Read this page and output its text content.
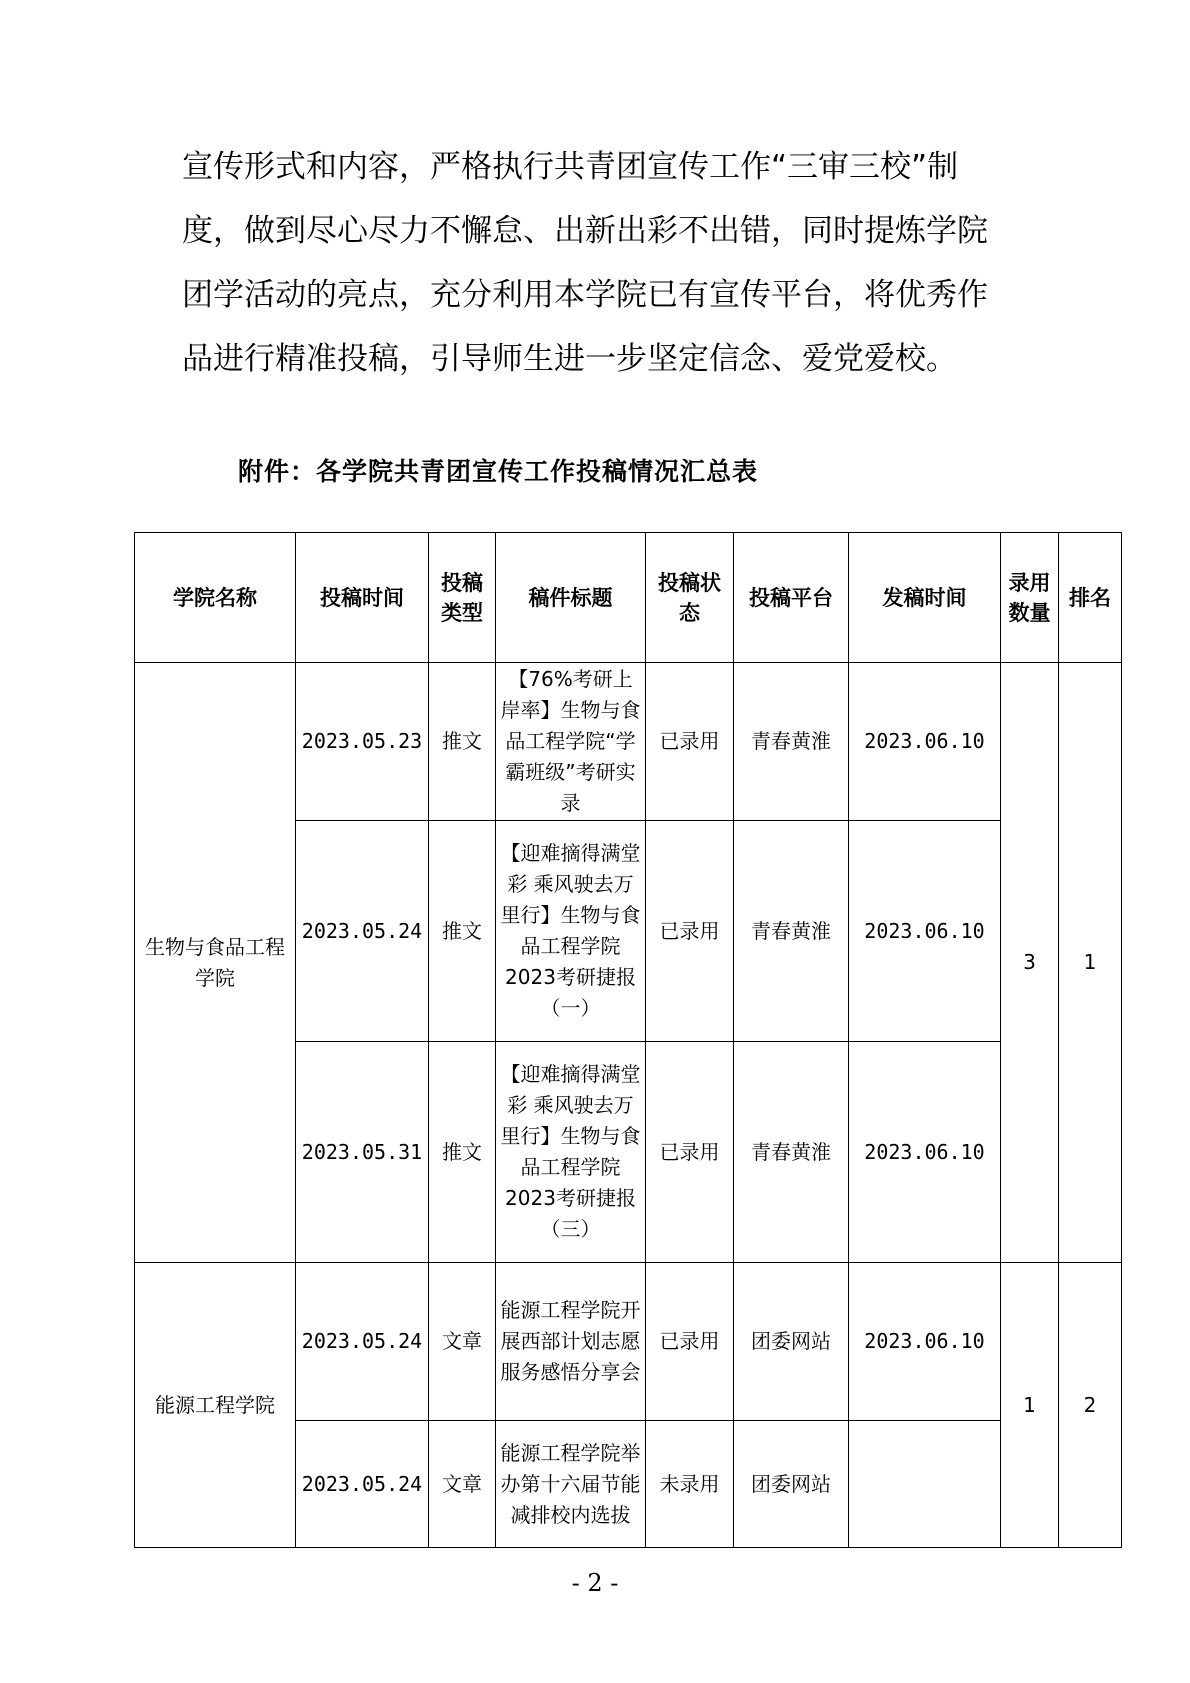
宣传形式和内容，严格执行共青团宣传工作“三审三校”制

度，做到尽心尽力不懈怠、出新出彩不出错，同时提炼学院

团学活动的亮点，充分利用本学院已有宣传平台，将优秀作

品进行精准投稿，引导师生进一步坚定信念、爱党爱校。

附件：各学院共青团宣传工作投稿情况汇总表

学院名称	投稿时间	投稿类型	稿件标题	投稿状态	投稿平台	发稿时间	录用数量	排名
生物与食品工程学院	2023.05.23	推文	【76%考研上岸率】生物与食品工程学院“学霸班级”考研实录	已录用	青春黄淮	2023.06.10	3	1
	2023.05.24	推文	【迎难摘得满堂彩 乘风驶去万里行】生物与食品工程学院2023考研捷报（一）	已录用	青春黄淮	2023.06.10		
	2023.05.31	推文	【迎难摘得满堂彩 乘风驶去万里行】生物与食品工程学院2023考研捷报（三）	已录用	青春黄淮	2023.06.10		
能源工程学院	2023.05.24	文章	能源工程学院开展西部计划志愿服务感悟分享会	已录用	团委网站	2023.06.10	1	2
	2023.05.24	文章	能源工程学院举办第十六届节能减排校内选拔	未录用	团委网站			

- 2 -
